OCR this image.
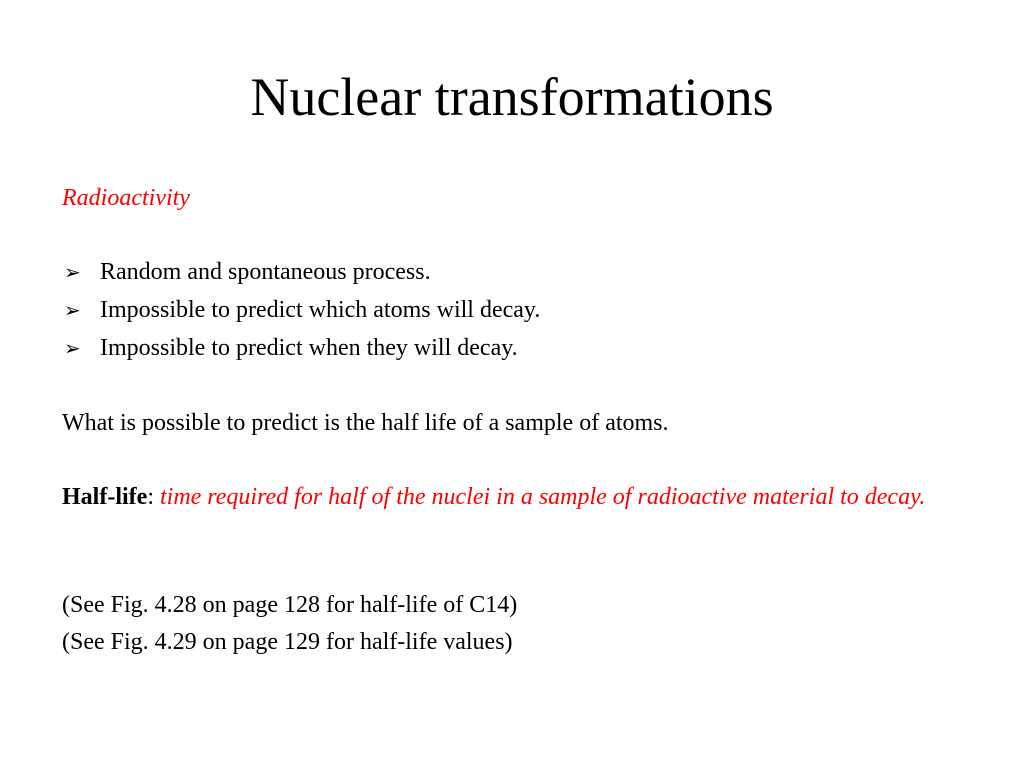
Nuclear transformations
Radioactivity
➢ Random and spontaneous process.
➢ Impossible to predict which atoms will decay.
➢ Impossible to predict when they will decay.
What is possible to predict is the half life of a sample of atoms.
Half-life: time required for half of the nuclei in a sample of radioactive material to decay.
(See Fig. 4.28 on page 128 for half-life of C14)
(See Fig. 4.29 on page 129 for half-life values)
